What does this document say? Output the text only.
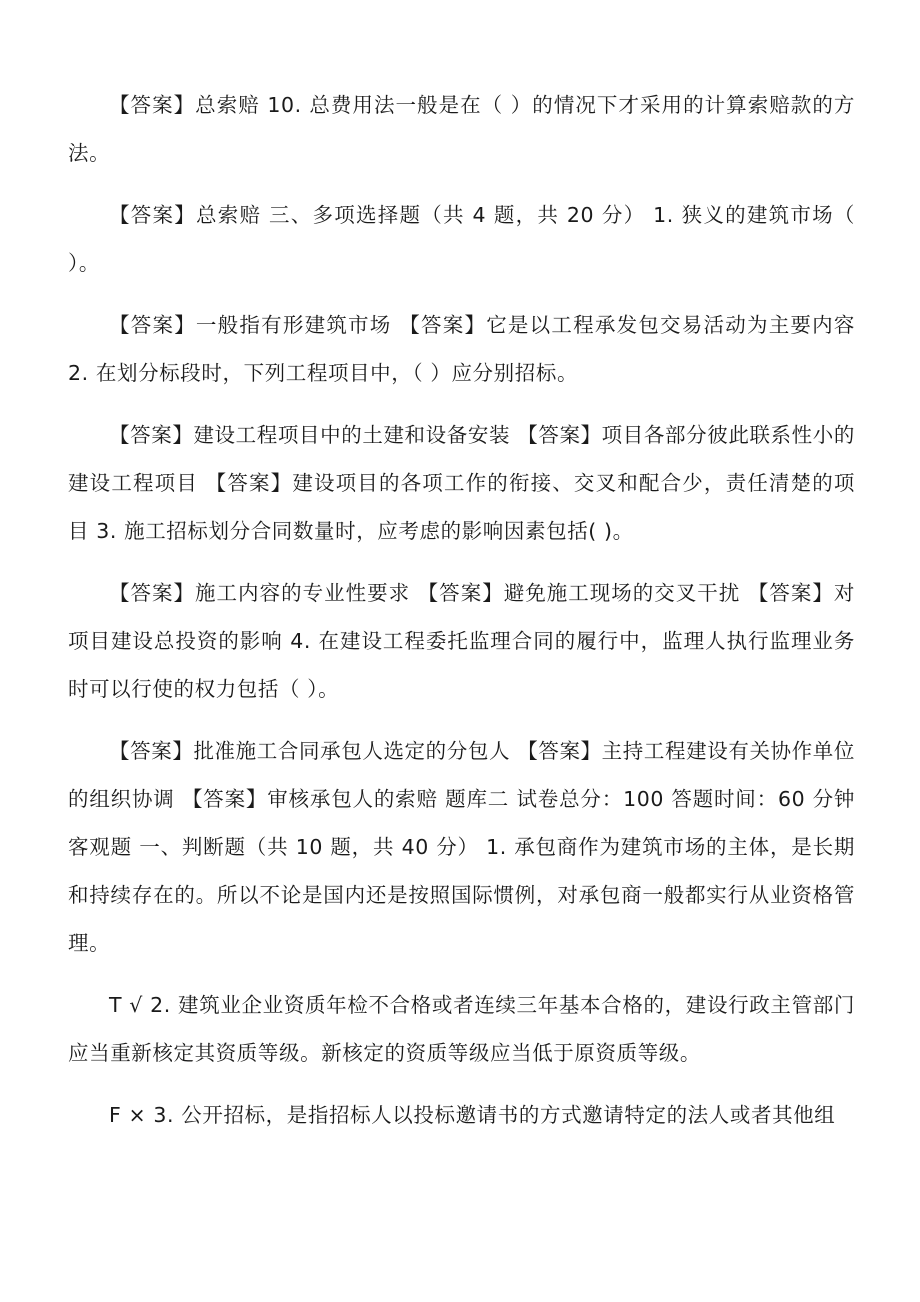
【答案】总索赔 10. 总费用法一般是在（ ）的情况下才采用的计算索赔款的方法。

【答案】总索赔 三、多项选择题（共 4 题，共 20 分） 1. 狭义的建筑市场（ ）。

【答案】一般指有形建筑市场 【答案】它是以工程承发包交易活动为主要内容 2. 在划分标段时，下列工程项目中，（ ）应分别招标。

【答案】建设工程项目中的土建和设备安装 【答案】项目各部分彼此联系性小的建设工程项目 【答案】建设项目的各项工作的衔接、交叉和配合少，责任清楚的项目 3. 施工招标划分合同数量时，应考虑的影响因素包括( )。

【答案】施工内容的专业性要求 【答案】避免施工现场的交叉干扰 【答案】对项目建设总投资的影响 4. 在建设工程委托监理合同的履行中，监理人执行监理业务时可以行使的权力包括（ ）。

【答案】批准施工合同承包人选定的分包人 【答案】主持工程建设有关协作单位的组织协调 【答案】审核承包人的索赔 题库二 试卷总分：100 答题时间：60 分钟 客观题 一、判断题（共 10 题，共 40 分） 1. 承包商作为建筑市场的主体，是长期和持续存在的。所以不论是国内还是按照国际惯例，对承包商一般都实行从业资格管理。

T √ 2. 建筑业企业资质年检不合格或者连续三年基本合格的，建设行政主管部门应当重新核定其资质等级。新核定的资质等级应当低于原资质等级。

F × 3. 公开招标，是指招标人以投标邀请书的方式邀请特定的法人或者其他组
